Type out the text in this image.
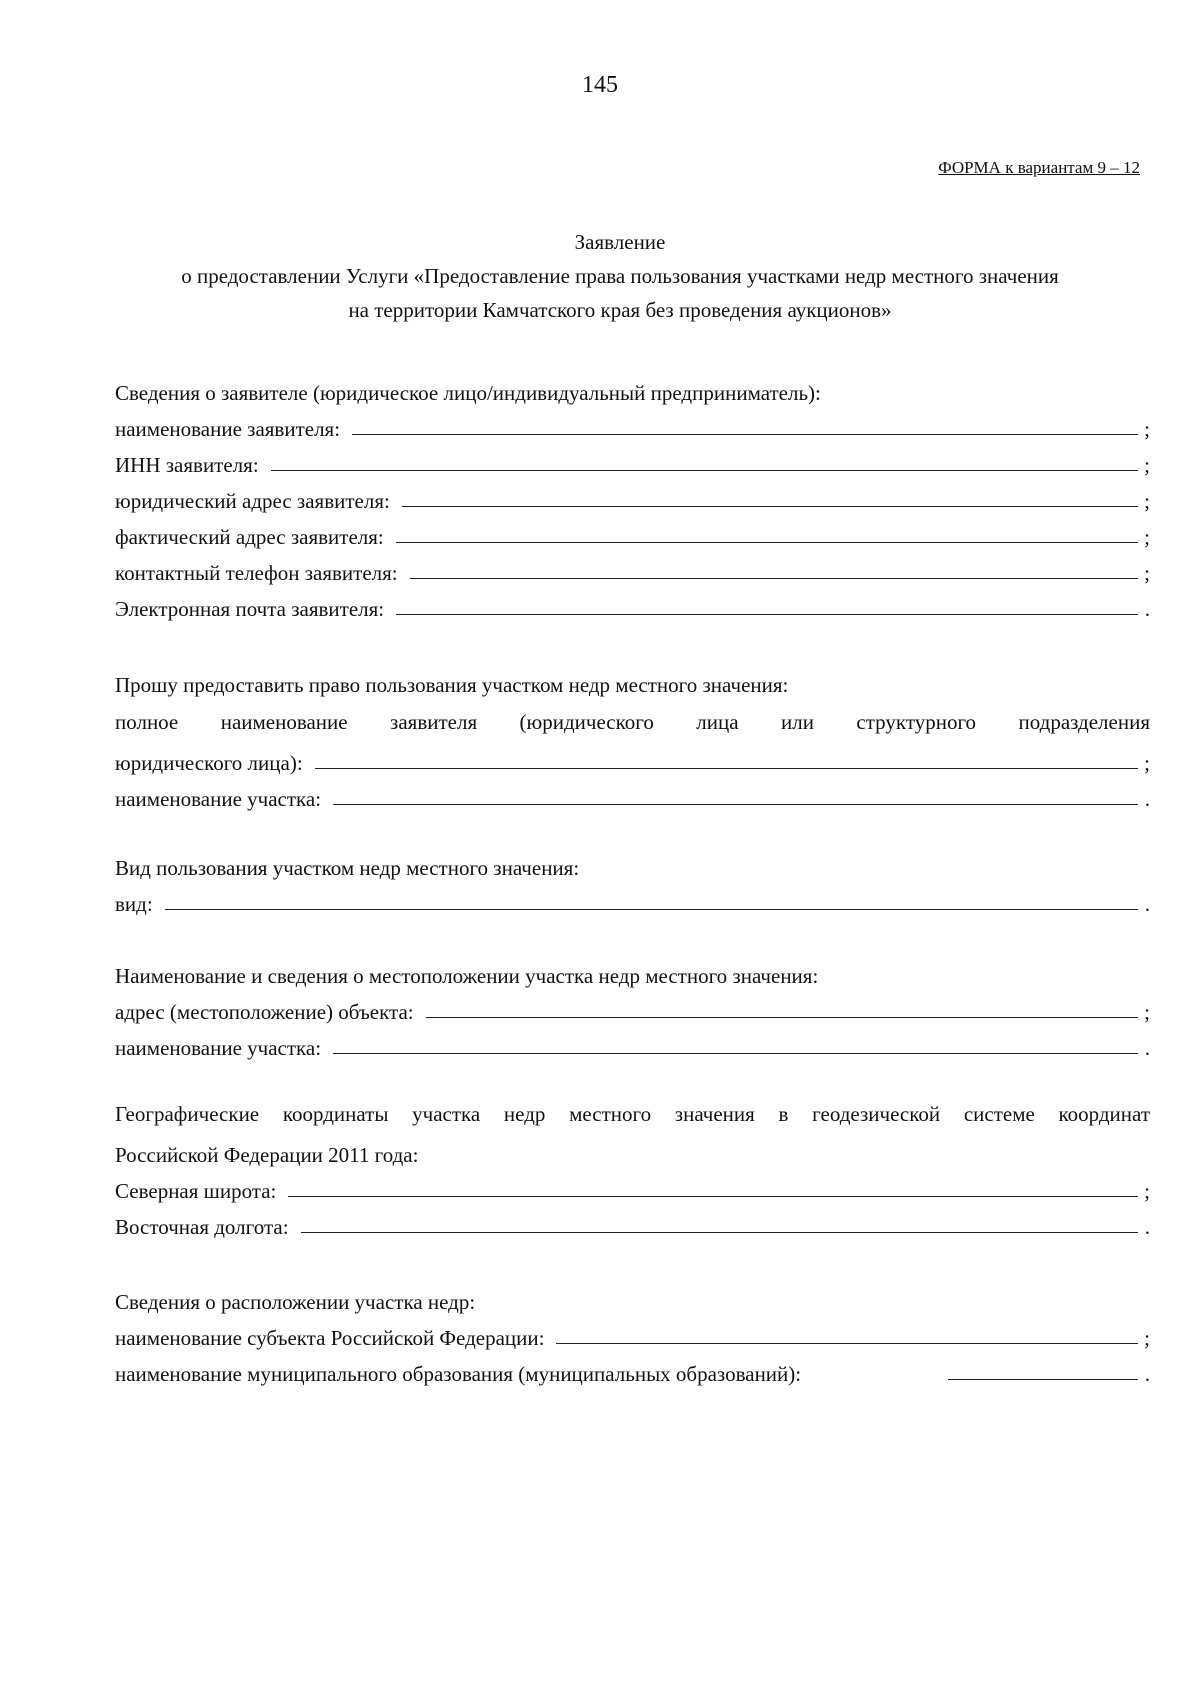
145
ФОРМА к вариантам 9 – 12
Заявление
о предоставлении Услуги «Предоставление права пользования участками недр местного значения
на территории Камчатского края без проведения аукционов»
Сведения о заявителе (юридическое лицо/индивидуальный предприниматель):
наименование заявителя:	;
ИНН заявителя:	;
юридический адрес заявителя:	;
фактический адрес заявителя:	;
контактный телефон заявителя:	;
Электронная почта заявителя:	.
Прошу предоставить право пользования участком недр местного значения:
полное наименование заявителя (юридического лица или структурного подразделения
юридического лица):	;
наименование участка:	.
Вид пользования участком недр местного значения:
вид:	.
Наименование и сведения о местоположении участка недр местного значения:
адрес (местоположение) объекта:	;
наименование участка:	.
Географические координаты участка недр местного значения в геодезической системе координат
Российской Федерации 2011 года:
Северная широта:	;
Восточная долгота:	.
Сведения о расположении участка недр:
наименование субъекта Российской Федерации:	;
наименование муниципального образования (муниципальных образований):	.
